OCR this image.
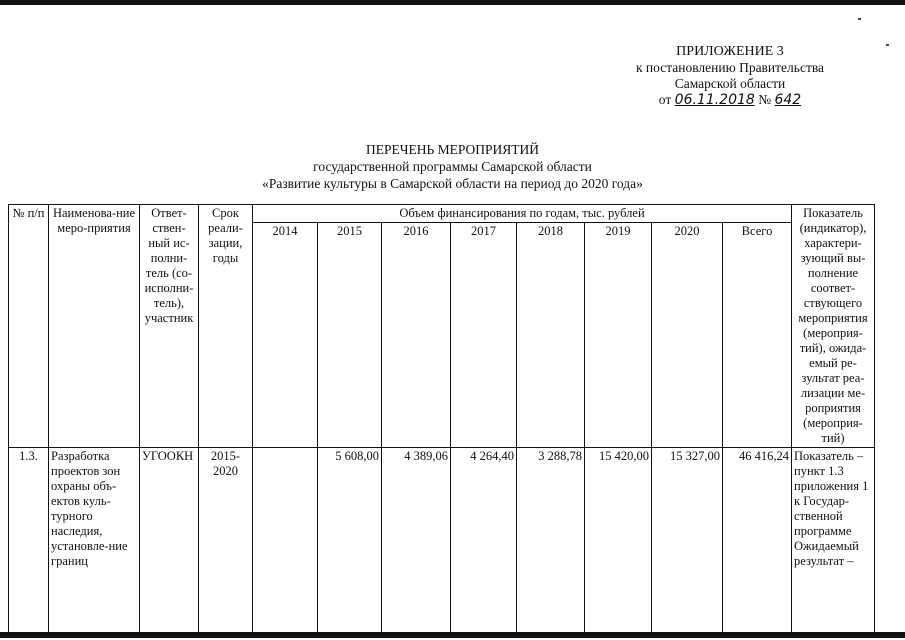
ПРИЛОЖЕНИЕ 3
к постановлению Правительства
Самарской области
от 06.11.2018 № 642
ПЕРЕЧЕНЬ МЕРОПРИЯТИЙ
государственной программы Самарской области
«Развитие культуры в Самарской области на период до 2020 года»
№ п/п	Наименова-ние меро-приятия	Ответ-ствен-ный ис-полни-тель (со-исполни-тель), участник	Срок реали-зации, годы	Объем финансирования по годам, тыс. рублей								Показатель (индикатор), характери-зующий вы-полнение соответ-ствующего мероприятия (мероприя-тий), ожида-емый ре-зультат реа-лизации ме-роприятия (мероприя-тий)
				2014	2015	2016	2017	2018	2019	2020	Всего	
1.3.	Разработка проектов зон охраны объ-ектов куль-турного наследия, установле-ние границ	УГООКН	2015-2020		5 608,00	4 389,06	4 264,40	3 288,78	15 420,00	15 327,00	46 416,24	Показатель – пункт 1.3 приложения 1 к Государ-ственной программе Ожидаемый результат –
